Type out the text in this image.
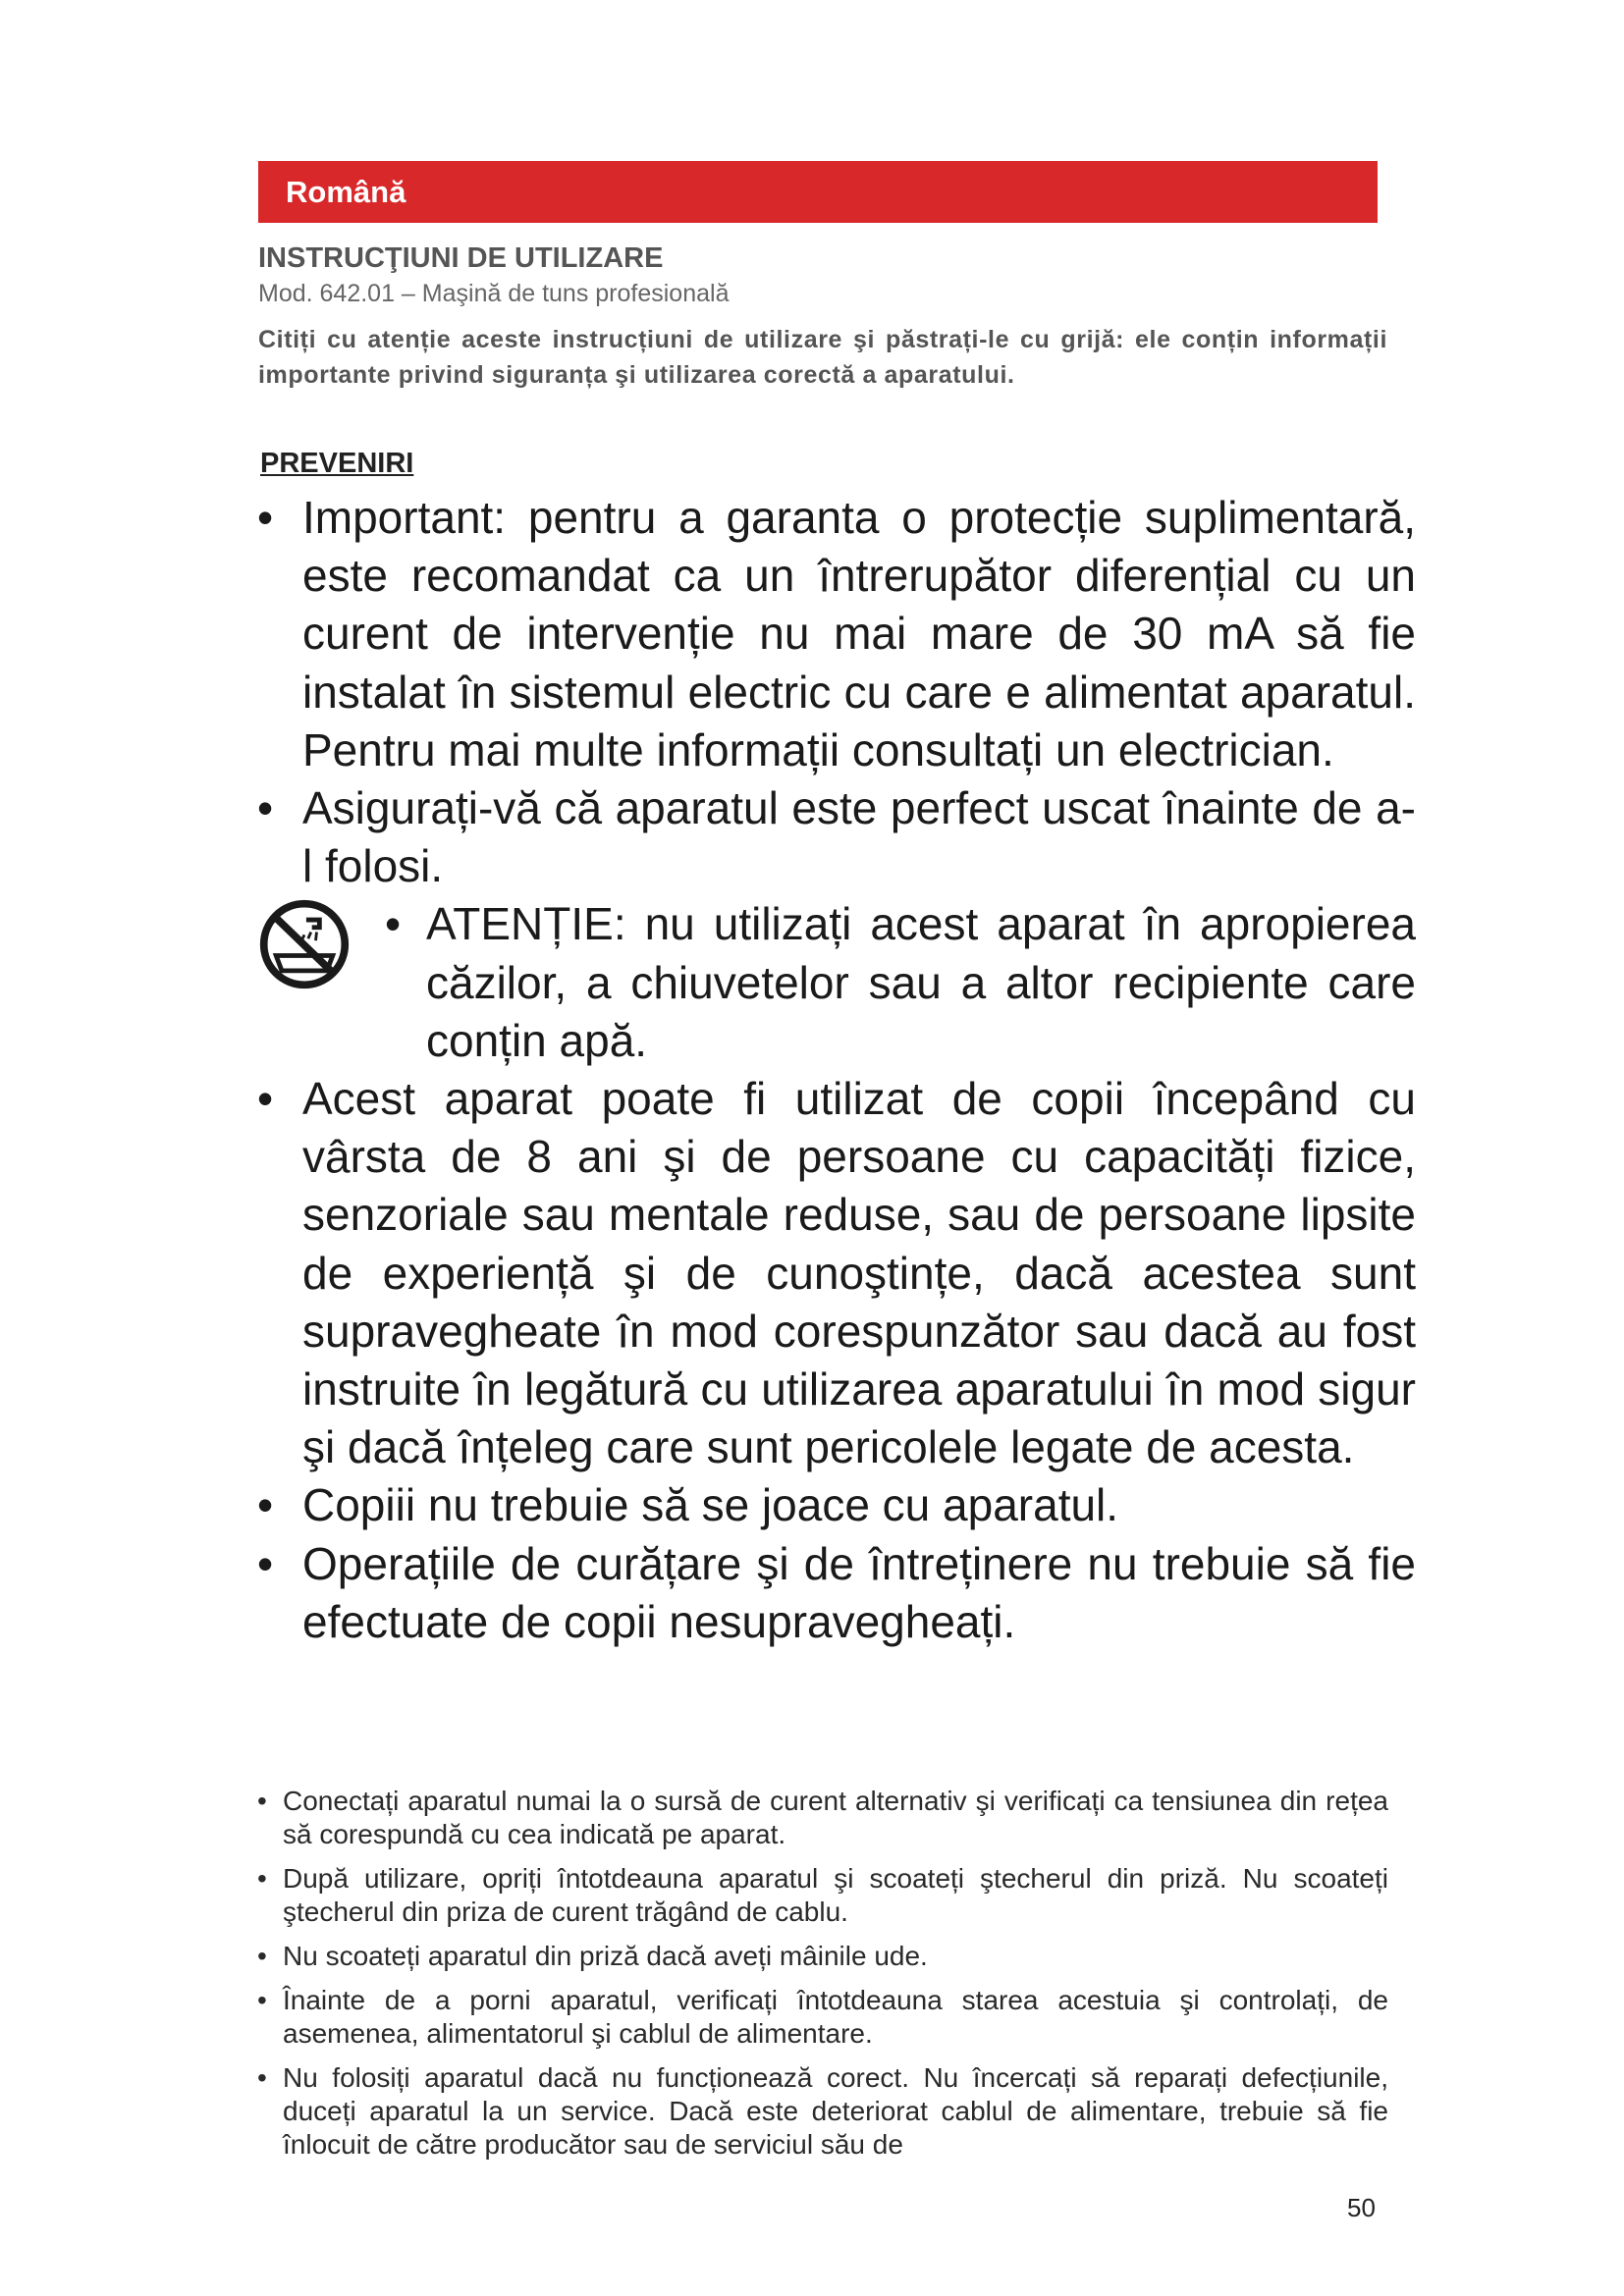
Română
INSTRUCŢIUNI DE UTILIZARE
Mod. 642.01 – Maşină de tuns profesională
Citiți cu atenție aceste instrucțiuni de utilizare şi păstrați-le cu grijă: ele conțin informații importante privind siguranța şi utilizarea corectă a aparatului.
PREVENIRI
• Important: pentru a garanta o protecție suplimentară, este recomandat ca un întrerupător diferențial cu un curent de intervenție nu mai mare de 30 mA să fie instalat în sistemul electric cu care e alimentat aparatul. Pentru mai multe informații consultați un electrician.
• Asigurați-vă că aparatul este perfect uscat înainte de a-l folosi.
• ATENȚIE: nu utilizați acest aparat în apropierea căzilor, a chiuvetelor sau a altor recipiente care conțin apă.
• Acest aparat poate fi utilizat de copii începând cu vârsta de 8 ani şi de persoane cu capacități fizice, senzoriale sau mentale reduse, sau de persoane lipsite de experiență şi de cunoştințe, dacă acestea sunt supravegheate în mod corespunzător sau dacă au fost instruite în legătură cu utilizarea aparatului în mod sigur şi dacă înțeleg care sunt pericolele legate de acesta.
• Copiii nu trebuie să se joace cu aparatul.
• Operațiile de curățare şi de întreținere nu trebuie să fie efectuate de copii nesupravegheați.
• Conectați aparatul numai la o sursă de curent alternativ şi verificați ca tensiunea din rețea să corespundă cu cea indicată pe aparat.
• După utilizare, opriți întotdeauna aparatul şi scoateți ştecherul din priză. Nu scoateți ştecherul din priza de curent trăgând de cablu.
• Nu scoateți aparatul din priză dacă aveți mâinile ude.
• Înainte de a porni aparatul, verificați întotdeauna starea acestuia şi controlați, de asemenea, alimentatorul şi cablul de alimentare.
• Nu folosiți aparatul dacă nu funcționează corect. Nu încercați să reparați defecțiunile, duceți aparatul la un service. Dacă este deteriorat cablul de alimentare, trebuie să fie înlocuit de către producător sau de serviciul său de
50
